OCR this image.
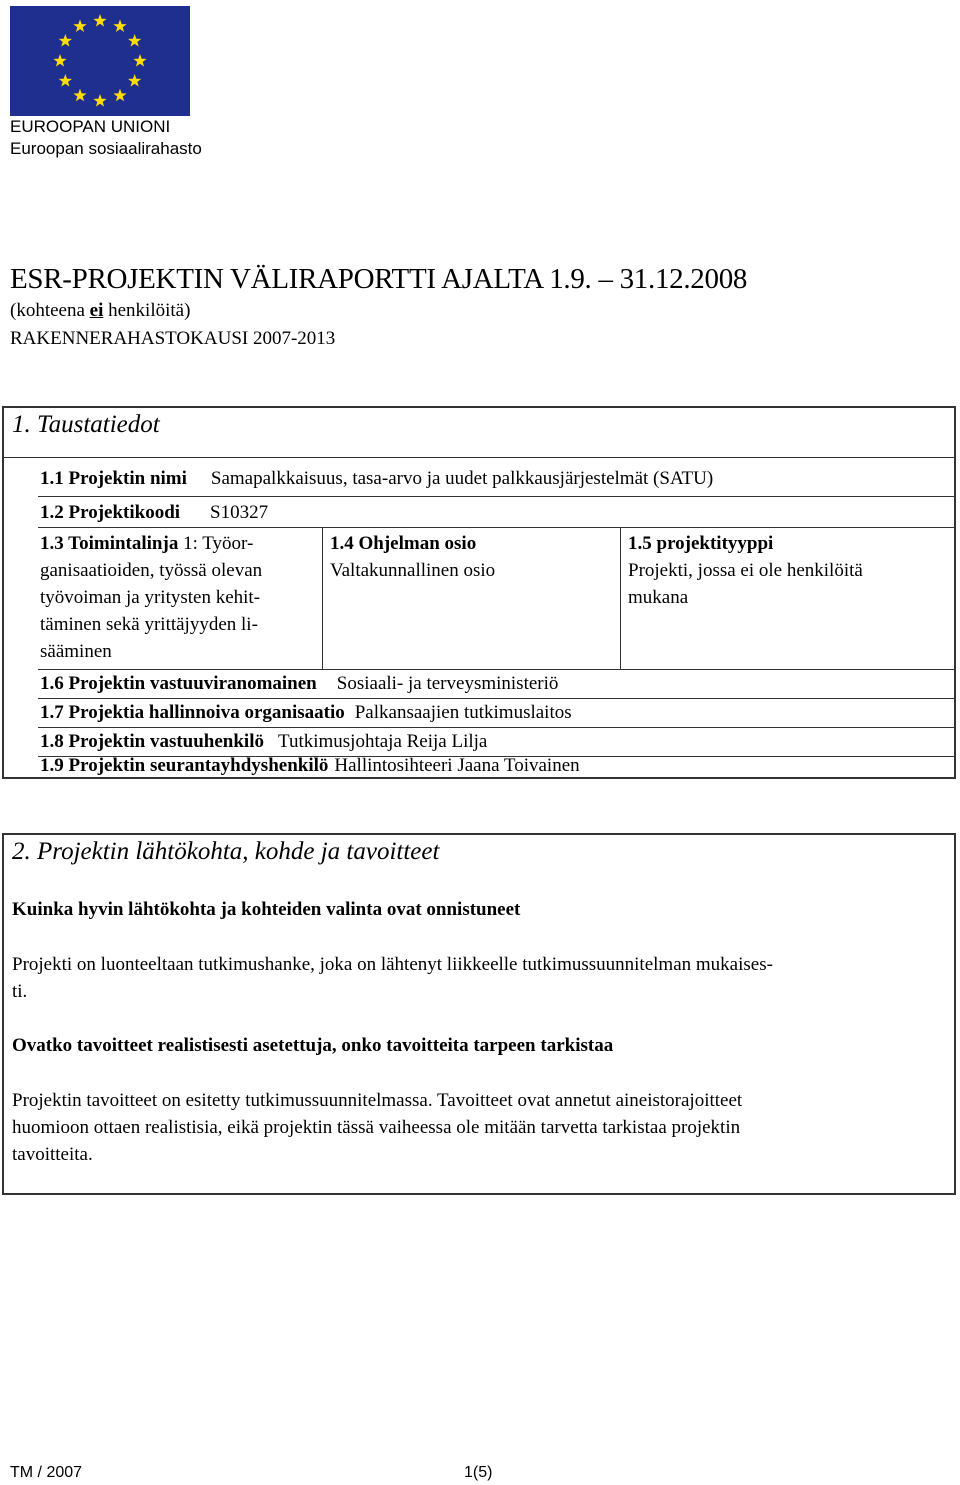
EUROOPAN UNIONI
Euroopan sosiaalirahasto
ESR-PROJEKTIN VÄLIRAPORTTI AJALTA 1.9. – 31.12.2008
(kohteena ei henkilöitä)
RAKENNERAHASTOKAUSI 2007-2013
1. Taustatiedot
1.1 Projektin nimi Samapalkkaisuus, tasa-arvo ja uudet palkkausjärjestelmät (SATU)
1.2 Projektikoodi S10327
1.3 Toimintalinja 1: Työor-
ganisaatioiden, työssä olevan
työvoiman ja yritysten kehit-
täminen sekä yrittäjyyden li-
sääminen
1.4 Ohjelman osio
Valtakunnallinen osio
1.5 projektityyppi
Projekti, jossa ei ole henkilöitä
mukana
1.6 Projektin vastuuviranomainen Sosiaali- ja terveysministeriö
1.7 Projektia hallinnoiva organisaatio Palkansaajien tutkimuslaitos
1.8 Projektin vastuuhenkilö Tutkimusjohtaja Reija Lilja
1.9 Projektin seurantayhdyshenkilö Hallintosihteeri Jaana Toivainen
2. Projektin lähtökohta, kohde ja tavoitteet
Kuinka hyvin lähtökohta ja kohteiden valinta ovat onnistuneet
Projekti on luonteeltaan tutkimushanke, joka on lähtenyt liikkeelle tutkimussuunnitelman mukaises-
ti.
Ovatko tavoitteet realistisesti asetettuja, onko tavoitteita tarpeen tarkistaa
Projektin tavoitteet on esitetty tutkimussuunnitelmassa. Tavoitteet ovat annetut aineistorajoitteet
huomioon ottaen realistisia, eikä projektin tässä vaiheessa ole mitään tarvetta tarkistaa projektin
tavoitteita.
TM / 2007	1(5)
